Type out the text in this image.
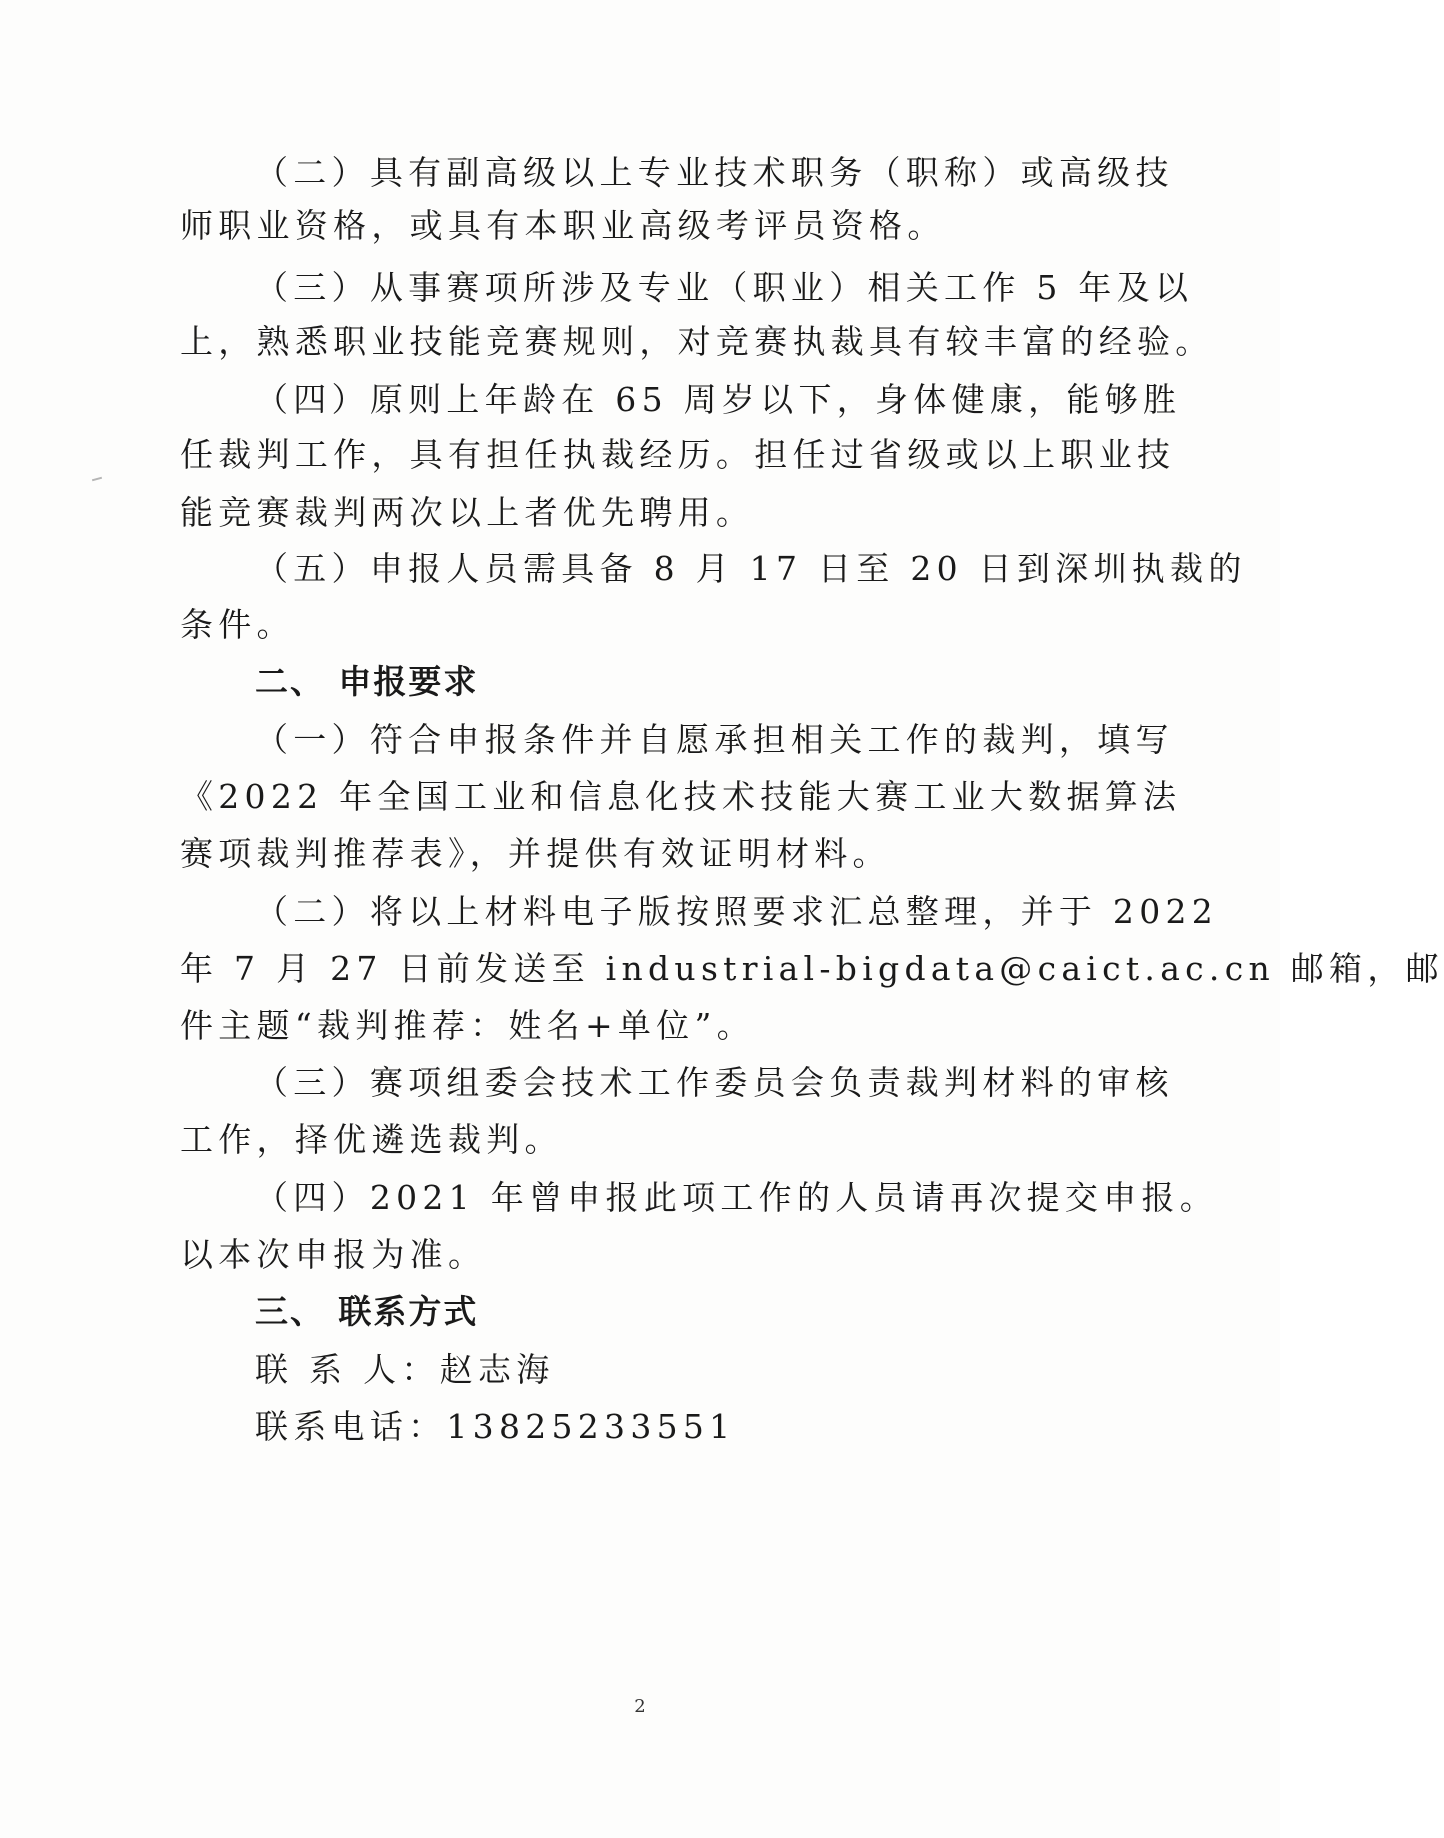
（二）具有副高级以上专业技术职务（职称）或高级技
师职业资格，或具有本职业高级考评员资格。
（三）从事赛项所涉及专业（职业）相关工作 5 年及以
上，熟悉职业技能竞赛规则，对竞赛执裁具有较丰富的经验。
（四）原则上年龄在 65 周岁以下，身体健康，能够胜
任裁判工作，具有担任执裁经历。担任过省级或以上职业技
能竞赛裁判两次以上者优先聘用。
（五）申报人员需具备 8 月 17 日至 20 日到深圳执裁的
条件。
二、 申报要求
（一）符合申报条件并自愿承担相关工作的裁判，填写
《2022 年全国工业和信息化技术技能大赛工业大数据算法
赛项裁判推荐表》，并提供有效证明材料。
（二）将以上材料电子版按照要求汇总整理，并于 2022
年 7 月 27 日前发送至 industrial-bigdata@caict.ac.cn 邮箱，邮
件主题“裁判推荐：姓名+单位”。
（三）赛项组委会技术工作委员会负责裁判材料的审核
工作，择优遴选裁判。
（四）2021 年曾申报此项工作的人员请再次提交申报。
以本次申报为准。
三、 联系方式
联 系 人：赵志海
联系电话：13825233551
2
